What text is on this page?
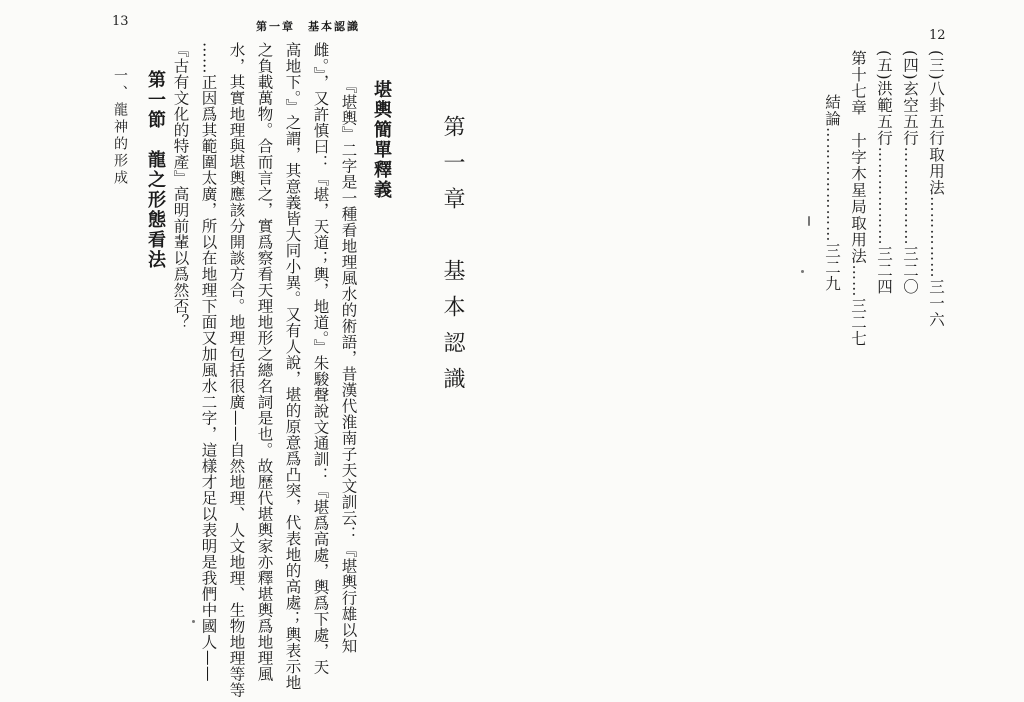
13	第一章　基本認識
第一章　基本認識
堪輿簡單釋義
『堪輿』二字是一種看地理風水的術語，昔漢代淮南子天文訓云：『堪輿行雄以知
雌。』，又許慎曰：『堪，天道；輿，地道。』朱駿聲說文通訓：『堪爲高處，輿爲下處，天
高地下。』之謂，其意義皆大同小異。又有人說，堪的原意爲凸突，代表地的高處；輿表示地
之負載萬物。合而言之，實爲察看天理地形之總名詞是也。故歷代堪輿家亦釋堪輿爲地理風
水，其實地理與堪輿應該分開談方合。地理包括很廣——自然地理、人文地理、生物地理等等
……正因爲其範圍太廣，所以在地理下面又加風水二字，這樣才足以表明是我們中國人——
『古有文化的特產』高明前輩以爲然否？
第一節　龍之形態看法
一、龍神的形成
12
(三)八卦五行取用法……………三一六
(四)玄空五行………………三二〇
(五)洪範五行………………三二四
第十七章　十字木星局取用法……三二七
結論…………………三二九
